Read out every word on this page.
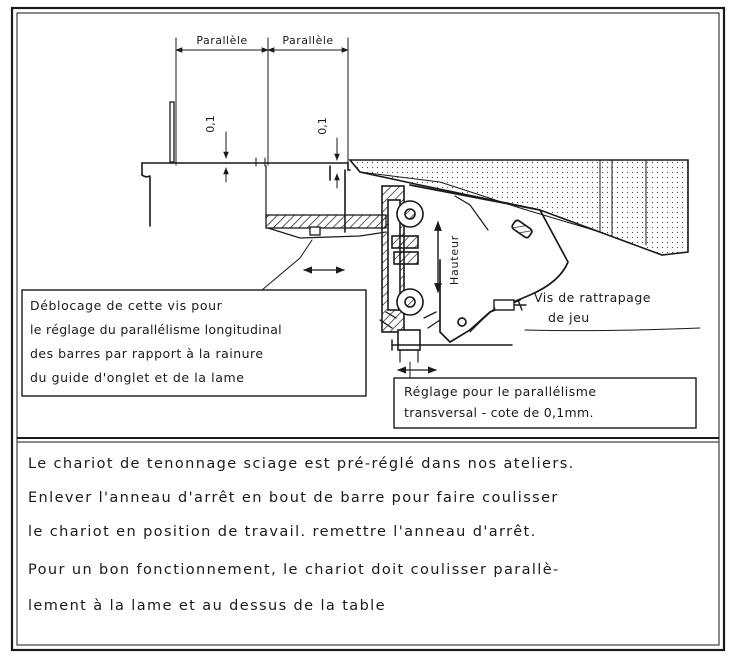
Parallèle	Parallèle
0,1	0,1
Hauteur
Déblocage de cette vis pour
le réglage du parallélisme longitudinal
des barres par rapport à la rainure
du guide d'onglet et de la lame
Vis de rattrapage
de jeu
Réglage pour le parallélisme
transversal - cote de 0,1mm.
Le chariot de tenonnage sciage est pré-réglé dans nos ateliers.
Enlever l'anneau d'arrêt en bout de barre pour faire coulisser
le chariot en position de travail. remettre l'anneau d'arrêt.
Pour un bon fonctionnement, le chariot doit coulisser parallè-
lement à la lame et au dessus de la table
